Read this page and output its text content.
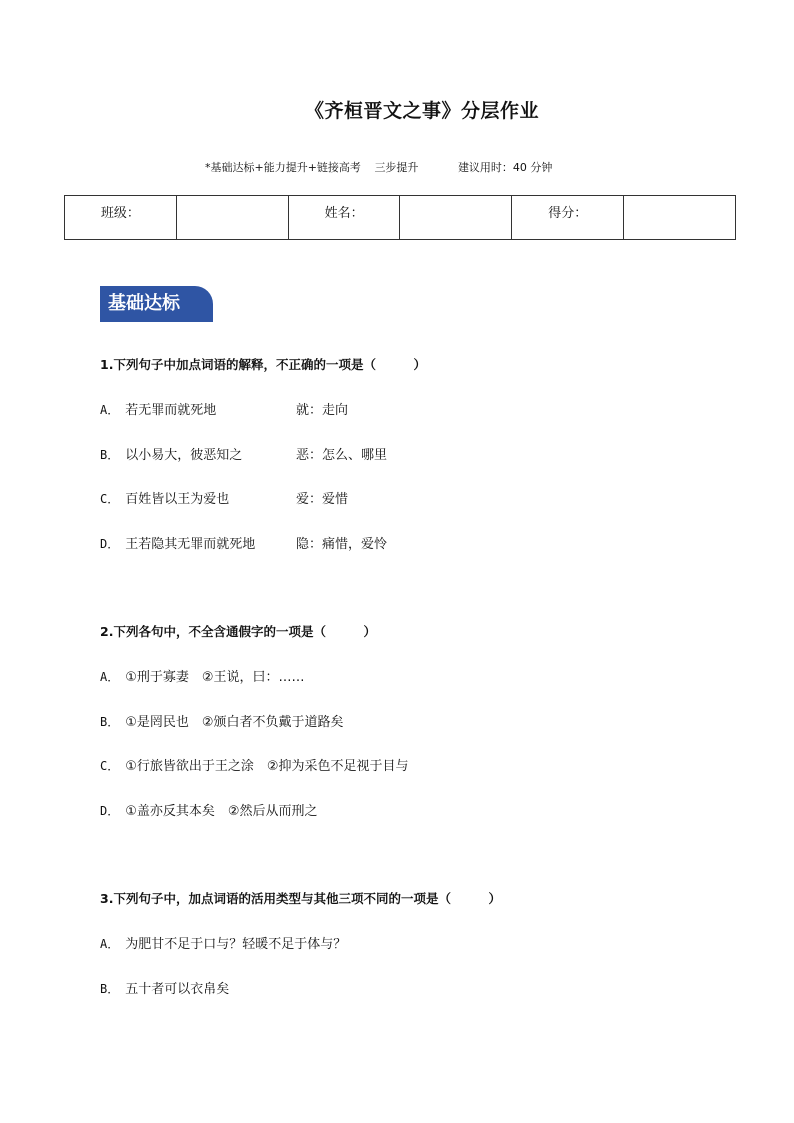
《齐桓晋文之事》分层作业
*基础达标+能力提升+链接高考 三步提升	建议用时：40 分钟
班级：		姓名：		得分：	
基础达标
1.下列句子中加点词语的解释，不正确的一项是（　　　）
A． 若无罪而就死地	就：走向
B． 以小易大，彼恶知之	恶：怎么、哪里
C． 百姓皆以王为爱也	爱：爱惜
D． 王若隐其无罪而就死地	隐：痛惜，爱怜
2.下列各句中，不全含通假字的一项是（　　　）
A． ①刑于寡妻　②王说，曰：……
B． ①是罔民也　②颁白者不负戴于道路矣
C． ①行旅皆欲出于王之涂　②抑为采色不足视于目与
D． ①盖亦反其本矣　②然后从而刑之
3.下列句子中，加点词语的活用类型与其他三项不同的一项是（　　　）
A． 为肥甘不足于口与？轻暖不足于体与？
B． 五十者可以衣帛矣
